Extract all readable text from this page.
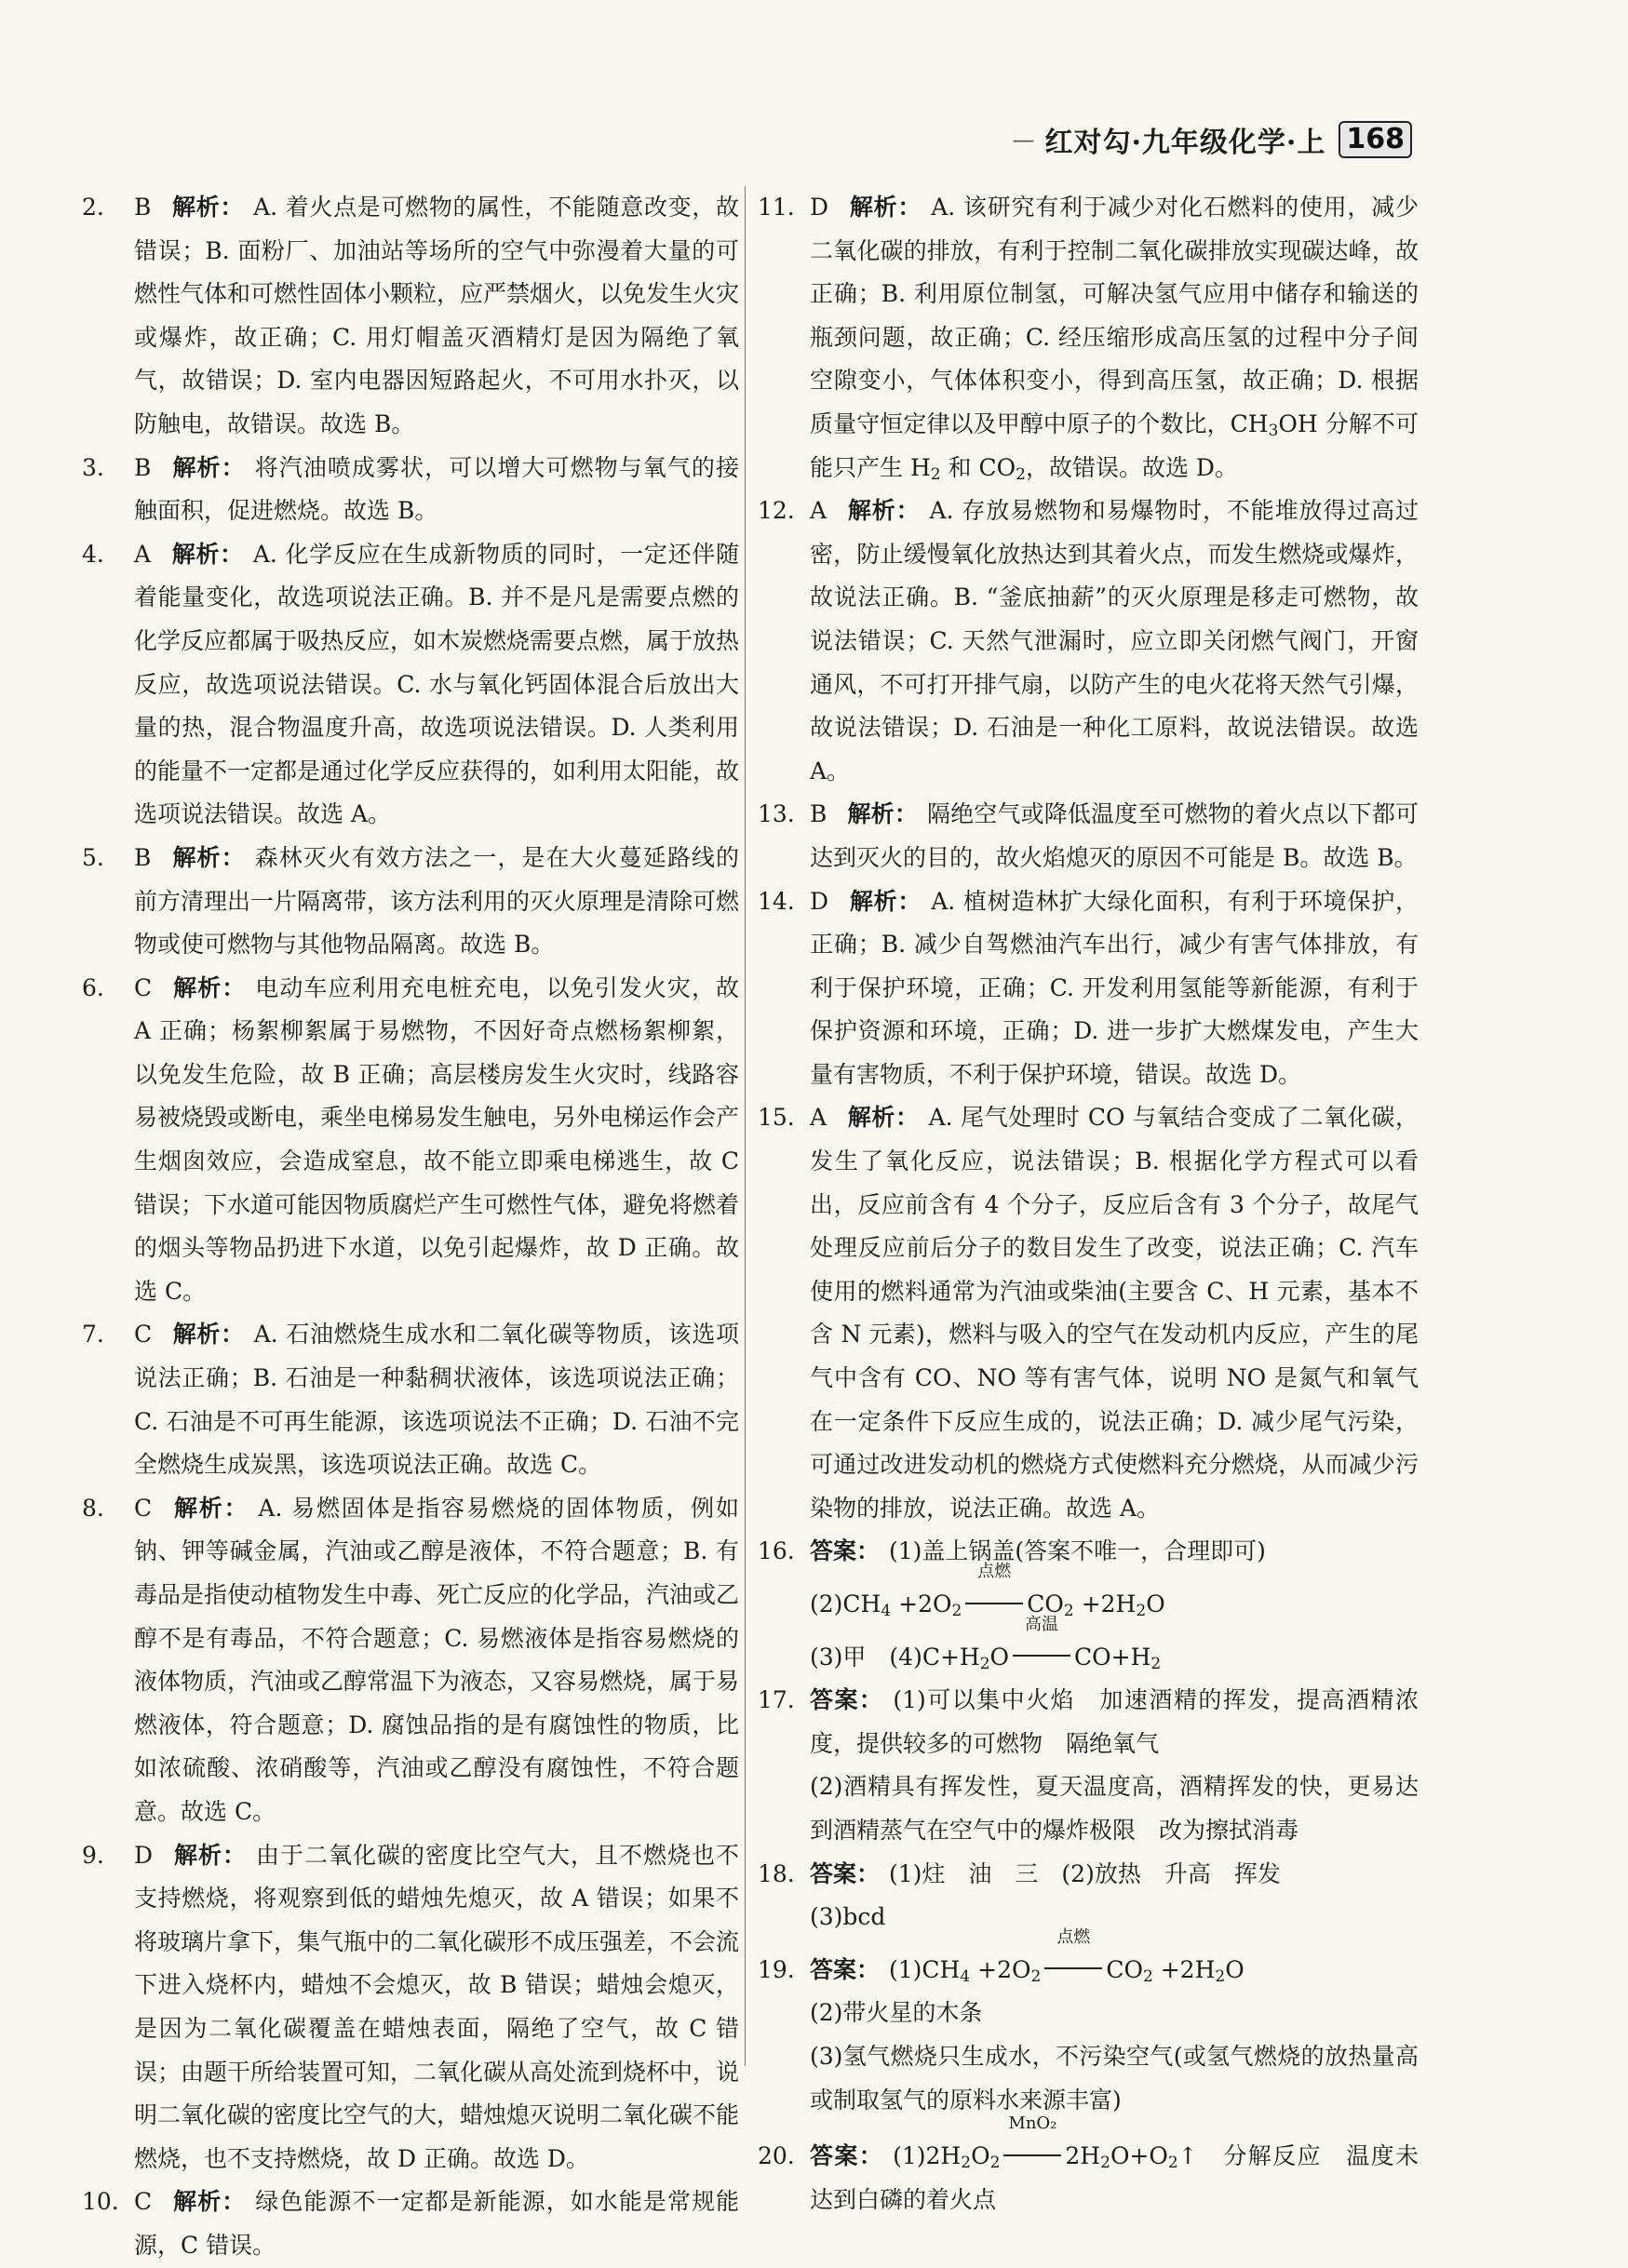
— 红对勾·九年级化学·上 168
2.	B 解析： A. 着火点是可燃物的属性，不能随意改变，故错误；B. 面粉厂、加油站等场所的空气中弥漫着大量的可燃性气体和可燃性固体小颗粒，应严禁烟火，以免发生火灾或爆炸，故正确；C. 用灯帽盖灭酒精灯是因为隔绝了氧气，故错误；D. 室内电器因短路起火，不可用水扑灭，以防触电，故错误。故选 B。
3.	B 解析： 将汽油喷成雾状，可以增大可燃物与氧气的接触面积，促进燃烧。故选 B。
4.	A 解析： A. 化学反应在生成新物质的同时，一定还伴随着能量变化，故选项说法正确。B. 并不是凡是需要点燃的化学反应都属于吸热反应，如木炭燃烧需要点燃，属于放热反应，故选项说法错误。C. 水与氧化钙固体混合后放出大量的热，混合物温度升高，故选项说法错误。D. 人类利用的能量不一定都是通过化学反应获得的，如利用太阳能，故选项说法错误。故选 A。
5.	B 解析： 森林灭火有效方法之一，是在大火蔓延路线的前方清理出一片隔离带，该方法利用的灭火原理是清除可燃物或使可燃物与其他物品隔离。故选 B。
6.	C 解析： 电动车应利用充电桩充电，以免引发火灾，故 A 正确；杨絮柳絮属于易燃物，不因好奇点燃杨絮柳絮，以免发生危险，故 B 正确；高层楼房发生火灾时，线路容易被烧毁或断电，乘坐电梯易发生触电，另外电梯运作会产生烟囱效应，会造成窒息，故不能立即乘电梯逃生，故 C 错误；下水道可能因物质腐烂产生可燃性气体，避免将燃着的烟头等物品扔进下水道，以免引起爆炸，故 D 正确。故选 C。
7.	C 解析： A. 石油燃烧生成水和二氧化碳等物质，该选项说法正确；B. 石油是一种黏稠状液体，该选项说法正确；C. 石油是不可再生能源，该选项说法不正确；D. 石油不完全燃烧生成炭黑，该选项说法正确。故选 C。
8.	C 解析： A. 易燃固体是指容易燃烧的固体物质，例如钠、钾等碱金属，汽油或乙醇是液体，不符合题意；B. 有毒品是指使动植物发生中毒、死亡反应的化学品，汽油或乙醇不是有毒品，不符合题意；C. 易燃液体是指容易燃烧的液体物质，汽油或乙醇常温下为液态，又容易燃烧，属于易燃液体，符合题意；D. 腐蚀品指的是有腐蚀性的物质，比如浓硫酸、浓硝酸等，汽油或乙醇没有腐蚀性，不符合题意。故选 C。
9.	D 解析： 由于二氧化碳的密度比空气大，且不燃烧也不支持燃烧，将观察到低的蜡烛先熄灭，故 A 错误；如果不将玻璃片拿下，集气瓶中的二氧化碳形不成压强差，不会流下进入烧杯内，蜡烛不会熄灭，故 B 错误；蜡烛会熄灭，是因为二氧化碳覆盖在蜡烛表面，隔绝了空气，故 C 错误；由题干所给装置可知，二氧化碳从高处流到烧杯中，说明二氧化碳的密度比空气的大，蜡烛熄灭说明二氧化碳不能燃烧，也不支持燃烧，故 D 正确。故选 D。
10. C 解析： 绿色能源不一定都是新能源，如水能是常规能源，C 错误。
11. D 解析： A. 该研究有利于减少对化石燃料的使用，减少二氧化碳的排放，有利于控制二氧化碳排放实现碳达峰，故正确；B. 利用原位制氢，可解决氢气应用中储存和输送的瓶颈问题，故正确；C. 经压缩形成高压氢的过程中分子间空隙变小，气体体积变小，得到高压氢，故正确；D. 根据质量守恒定律以及甲醇中原子的个数比，$CH_3OH$ 分解不可能只产生 $H_2$ 和 $CO_2$，故错误。故选 D。
12. A 解析： A. 存放易燃物和易爆物时，不能堆放得过高过密，防止缓慢氧化放热达到其着火点，而发生燃烧或爆炸，故说法正确。B. “釜底抽薪”的灭火原理是移走可燃物，故说法错误；C. 天然气泄漏时，应立即关闭燃气阀门，开窗通风，不可打开排气扇，以防产生的电火花将天然气引爆，故说法错误；D. 石油是一种化工原料，故说法错误。故选 A。
13. B 解析： 隔绝空气或降低温度至可燃物的着火点以下都可达到灭火的目的，故火焰熄灭的原因不可能是 B。故选 B。
14. D 解析： A. 植树造林扩大绿化面积，有利于环境保护，正确；B. 减少自驾燃油汽车出行，减少有害气体排放，有利于保护环境，正确；C. 开发利用氢能等新能源，有利于保护资源和环境，正确；D. 进一步扩大燃煤发电，产生大量有害物质，不利于保护环境，错误。故选 D。
15. A 解析： A. 尾气处理时 CO 与氧结合变成了二氧化碳，发生了氧化反应，说法错误；B. 根据化学方程式可以看出，反应前含有 4 个分子，反应后含有 3 个分子，故尾气处理反应前后分子的数目发生了改变，说法正确；C. 汽车使用的燃料通常为汽油或柴油(主要含 C、H 元素，基本不含 N 元素)，燃料与吸入的空气在发动机内反应，产生的尾气中含有 CO、NO 等有害气体，说明 NO 是氮气和氧气在一定条件下反应生成的，说法正确；D. 减少尾气污染，可通过改进发动机的燃烧方式使燃料充分燃烧，从而减少污染物的排放，说法正确。故选 A。
16. 答案： (1)盖上锅盖(答案不唯一，合理即可)
$(2)CH_4 +2O_2$
点燃
$CO_2 +2H_2O$
(3)甲　$(4)C+H_2O$
高温
$CO+H_2$
17. 答案： (1)可以集中火焰　加速酒精的挥发，提高酒精浓度，提供较多的可燃物　隔绝氧气
(2)酒精具有挥发性，夏天温度高，酒精挥发的快，更易达到酒精蒸气在空气中的爆炸极限　改为擦拭消毒
18. 答案： (1)炷　油　三　(2)放热　升高　挥发
(3)bcd
19. 答案： $(1)CH_4 +2O_2$
点燃
$CO_2 +2H_2O$
(2)带火星的木条
(3)氢气燃烧只生成水，不污染空气(或氢气燃烧的放热量高或制取氢气的原料水来源丰富)
20. 答案： $(1)2H_2O_2$
MnO₂
$2H_2O+O_2↑$　分解反应　温度未达到白磷的着火点
